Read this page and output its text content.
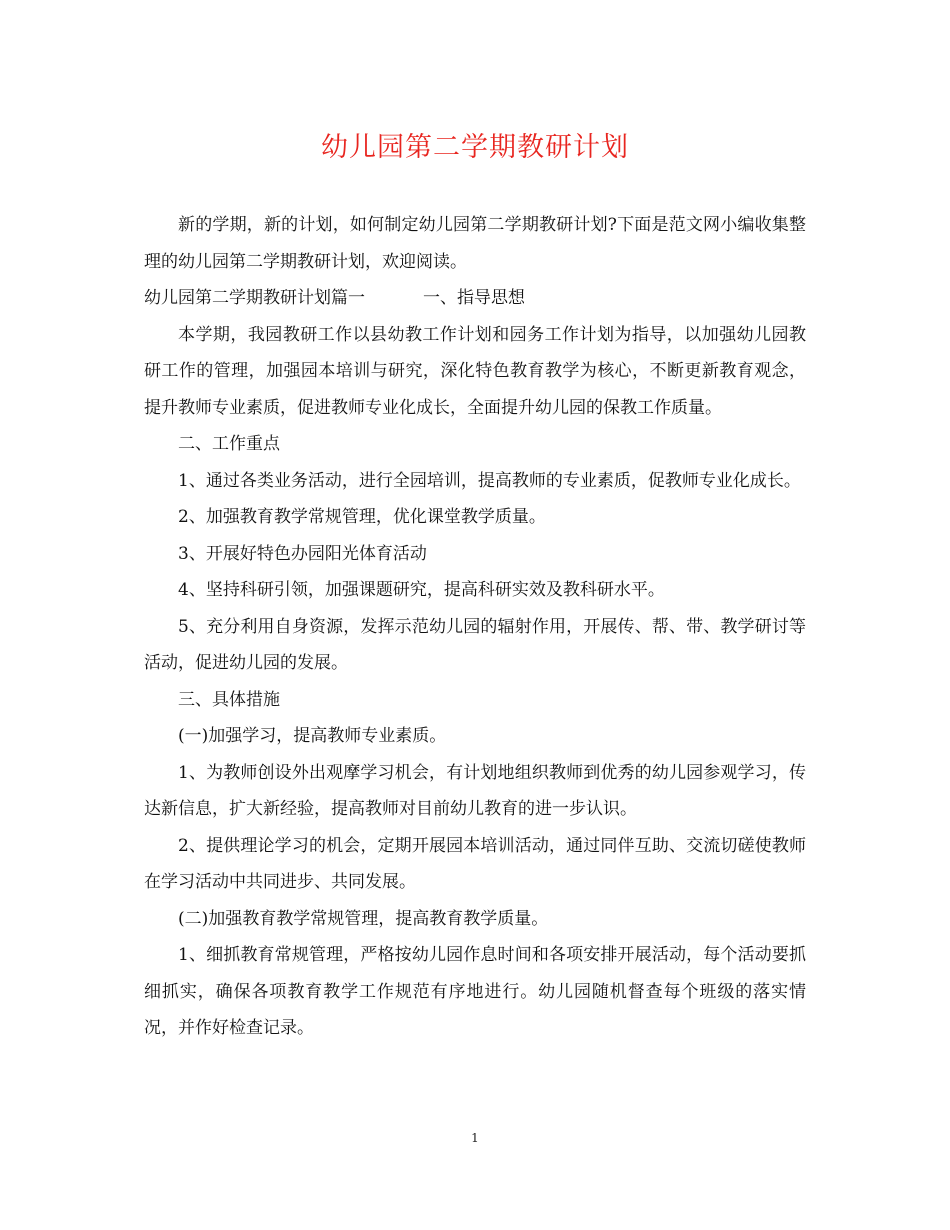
幼儿园第二学期教研计划

新的学期，新的计划，如何制定幼儿园第二学期教研计划?下面是范文网小编收集整理的幼儿园第二学期教研计划，欢迎阅读。

幼儿园第二学期教研计划篇一	一、指导思想

本学期，我园教研工作以县幼教工作计划和园务工作计划为指导，以加强幼儿园教研工作的管理，加强园本培训与研究，深化特色教育教学为核心，不断更新教育观念，提升教师专业素质，促进教师专业化成长，全面提升幼儿园的保教工作质量。

二、工作重点

1、通过各类业务活动，进行全园培训，提高教师的专业素质，促教师专业化成长。

2、加强教育教学常规管理，优化课堂教学质量。

3、开展好特色办园阳光体育活动

4、坚持科研引领，加强课题研究，提高科研实效及教科研水平。

5、充分利用自身资源，发挥示范幼儿园的辐射作用，开展传、帮、带、教学研讨等活动，促进幼儿园的发展。

三、具体措施

(一)加强学习，提高教师专业素质。

1、为教师创设外出观摩学习机会，有计划地组织教师到优秀的幼儿园参观学习，传达新信息，扩大新经验，提高教师对目前幼儿教育的进一步认识。

2、提供理论学习的机会，定期开展园本培训活动，通过同伴互助、交流切磋使教师在学习活动中共同进步、共同发展。

(二)加强教育教学常规管理，提高教育教学质量。

1、细抓教育常规管理，严格按幼儿园作息时间和各项安排开展活动，每个活动要抓细抓实，确保各项教育教学工作规范有序地进行。幼儿园随机督查每个班级的落实情况，并作好检查记录。

1
